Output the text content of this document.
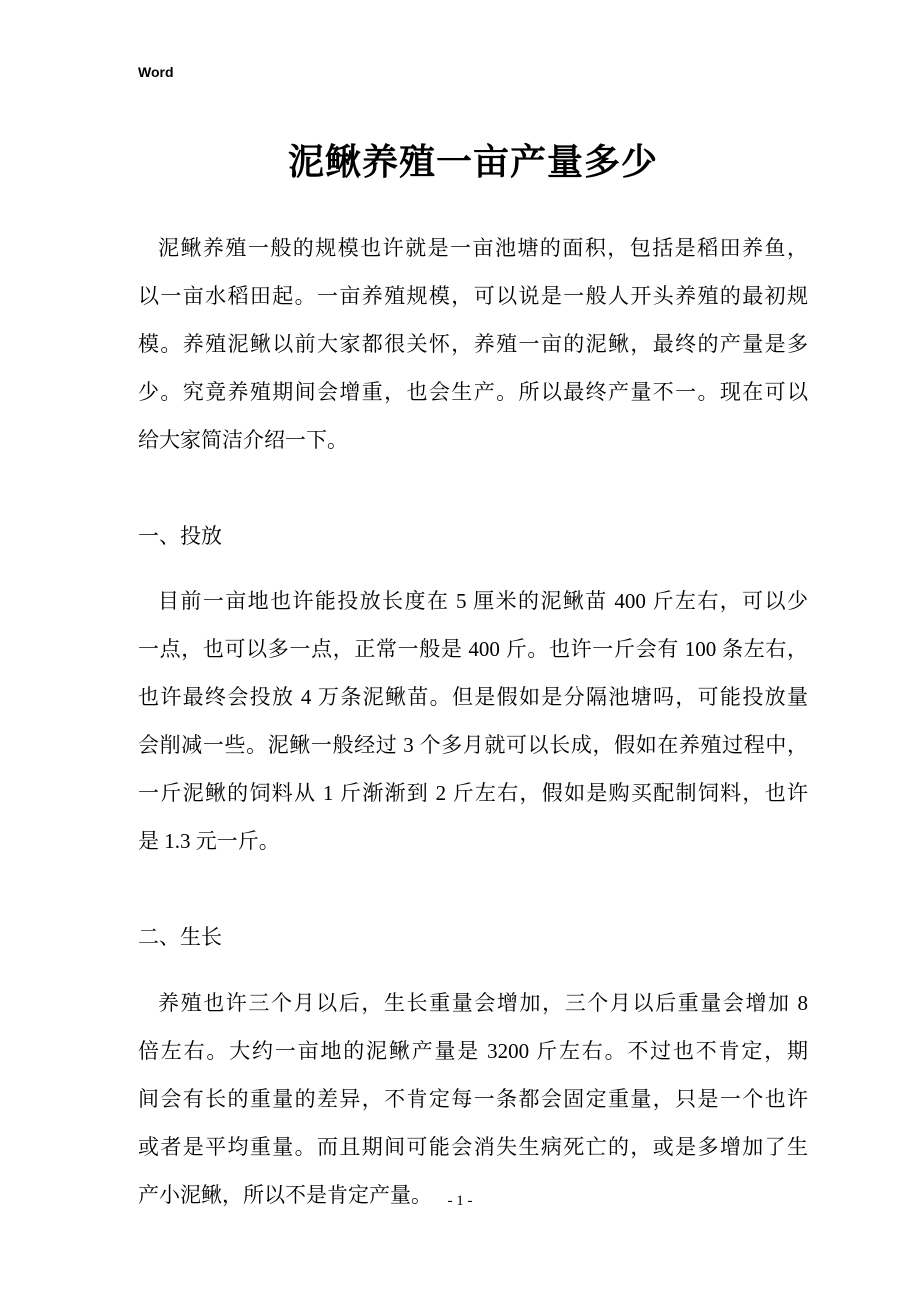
Word
泥鳅养殖一亩产量多少
泥鳅养殖一般的规模也许就是一亩池塘的面积，包括是稻田养鱼，
以一亩水稻田起。一亩养殖规模，可以说是一般人开头养殖的最初规
模。养殖泥鳅以前大家都很关怀，养殖一亩的泥鳅，最终的产量是多
少。究竟养殖期间会增重，也会生产。所以最终产量不一。现在可以
给大家简洁介绍一下。
一、投放
目前一亩地也许能投放长度在 5 厘米的泥鳅苗 400 斤左右，可以少
一点，也可以多一点，正常一般是 400 斤。也许一斤会有 100 条左右，
也许最终会投放 4 万条泥鳅苗。但是假如是分隔池塘吗，可能投放量
会削减一些。泥鳅一般经过 3 个多月就可以长成，假如在养殖过程中，
一斤泥鳅的饲料从 1 斤渐渐到 2 斤左右，假如是购买配制饲料，也许
是 1.3 元一斤。
二、生长
养殖也许三个月以后，生长重量会增加，三个月以后重量会增加 8
倍左右。大约一亩地的泥鳅产量是 3200 斤左右。不过也不肯定，期
间会有长的重量的差异，不肯定每一条都会固定重量，只是一个也许
或者是平均重量。而且期间可能会消失生病死亡的，或是多增加了生
产小泥鳅，所以不是肯定产量。	- 1 -
